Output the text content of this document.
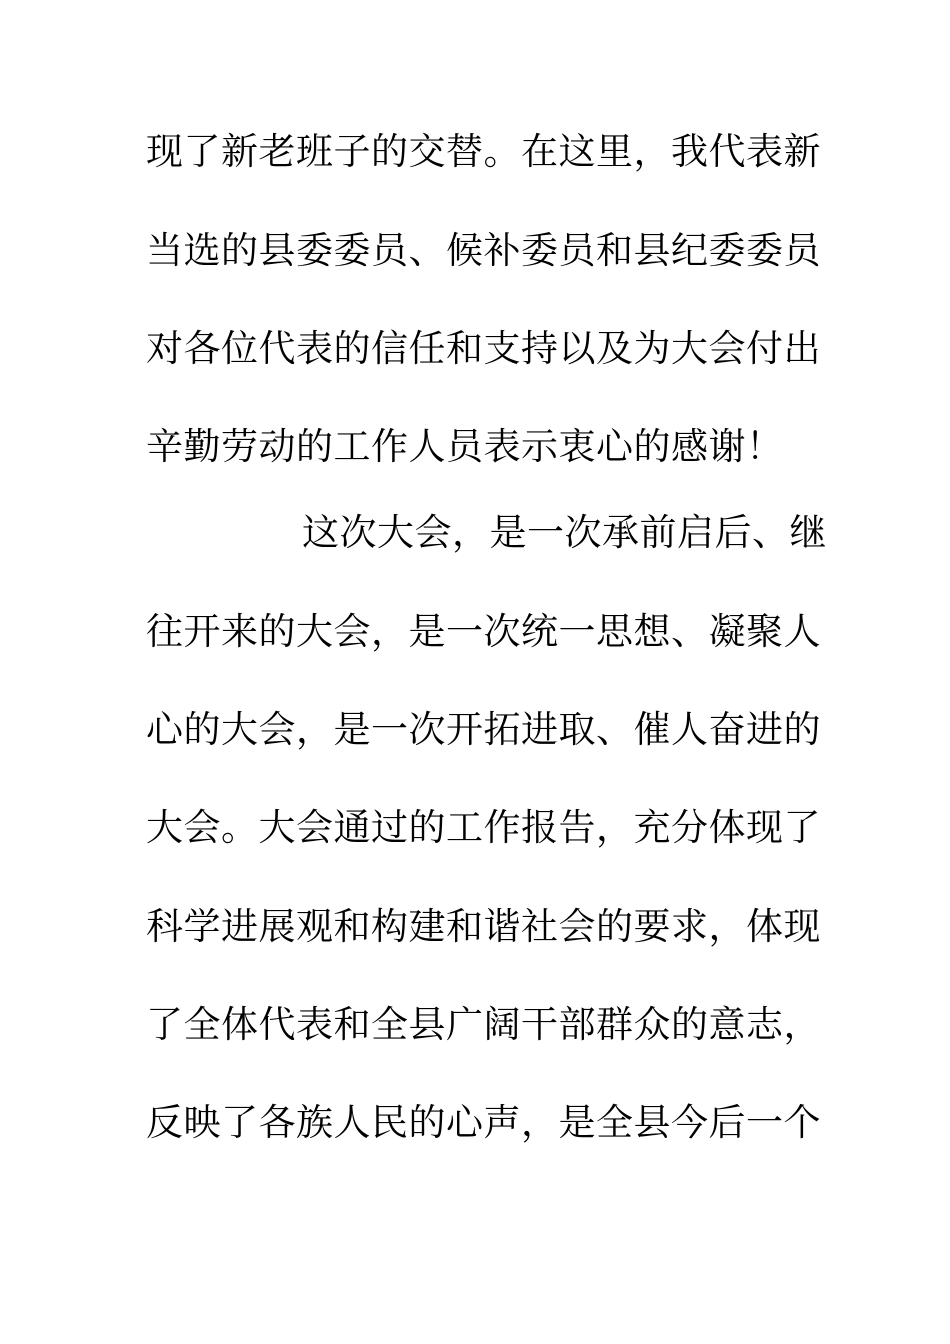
现了新老班子的交替。在这里，我代表新
当选的县委委员、候补委员和县纪委委员
对各位代表的信任和支持以及为大会付出
辛勤劳动的工作人员表示衷心的感谢！
这次大会，是一次承前启后、继
往开来的大会，是一次统一思想、凝聚人
心的大会，是一次开拓进取、催人奋进的
大会。大会通过的工作报告，充分体现了
科学进展观和构建和谐社会的要求，体现
了全体代表和全县广阔干部群众的意志，
反映了各族人民的心声，是全县今后一个
